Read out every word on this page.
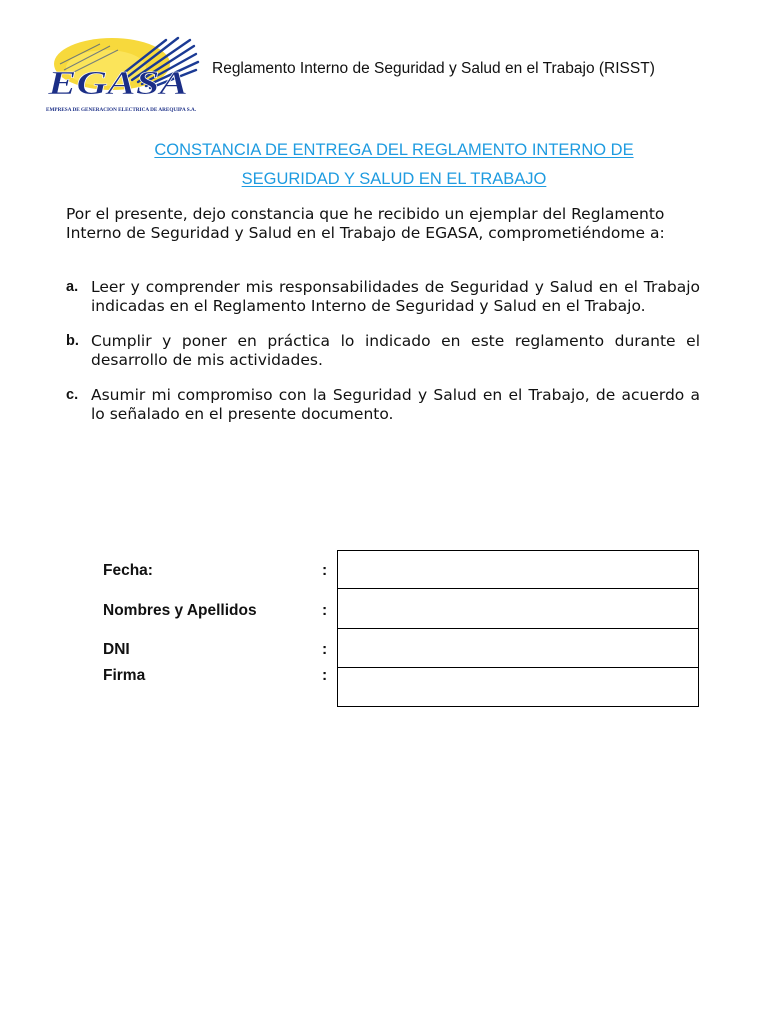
EGASA
EMPRESA DE GENERACION ELECTRICA DE AREQUIPA S.A.
Reglamento Interno de Seguridad y Salud en el Trabajo (RISST)
CONSTANCIA DE ENTREGA DEL REGLAMENTO INTERNO DE
SEGURIDAD Y SALUD EN EL TRABAJO
Por el presente, dejo constancia que he recibido un ejemplar del Reglamento Interno de Seguridad y Salud en el Trabajo de EGASA, comprometiéndome a:
a. Leer y comprender mis responsabilidades de Seguridad y Salud en el Trabajo indicadas en el Reglamento Interno de Seguridad y Salud en el Trabajo.
b. Cumplir y poner en práctica lo indicado en este reglamento durante el desarrollo de mis actividades.
c. Asumir mi compromiso con la Seguridad y Salud en el Trabajo, de acuerdo a lo señalado en el presente documento.
Fecha:	:
Nombres y Apellidos	:
DNI	:
Firma	:
